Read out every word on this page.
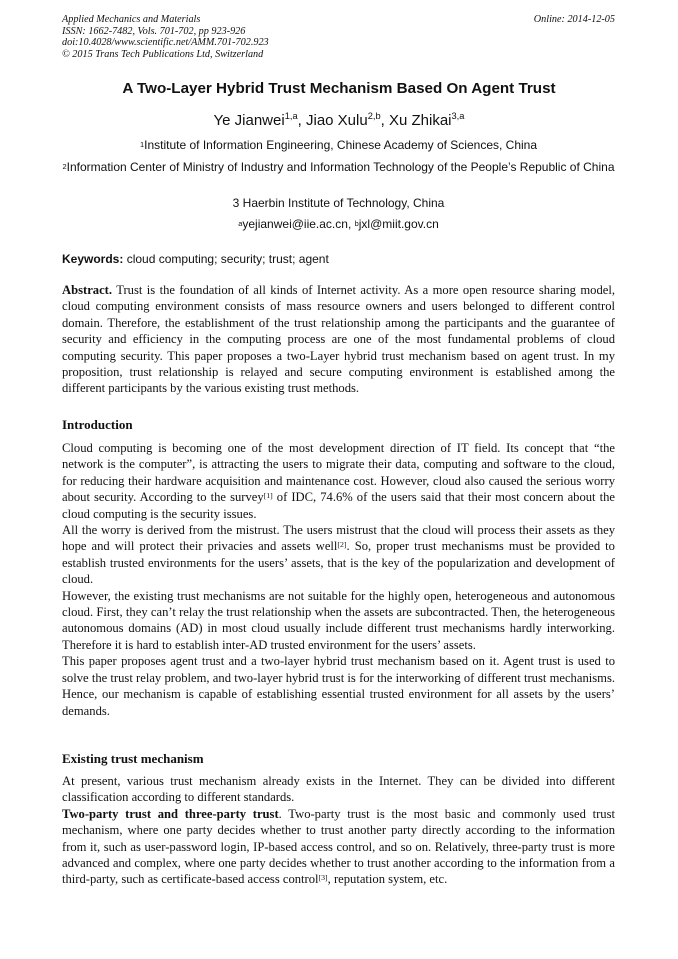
Applied Mechanics and Materials
ISSN: 1662-7482, Vols. 701-702, pp 923-926
doi:10.4028/www.scientific.net/AMM.701-702.923
© 2015 Trans Tech Publications Ltd, Switzerland
Online: 2014-12-05
A Two-Layer Hybrid Trust Mechanism Based On Agent Trust
Ye Jianwei$^{1,a}$, Jiao Xulu$^{2,b}$, Xu Zhikai$^{3,a}$
$^1$Institute of Information Engineering, Chinese Academy of Sciences, China
$^2$Information Center of Ministry of Industry and Information Technology of the People’s Republic of China
3 Haerbin Institute of Technology, China
$^a$yejianwei@iie.ac.cn, $^b$jxl@miit.gov.cn
Keywords: cloud computing; security; trust; agent

Abstract. Trust is the foundation of all kinds of Internet activity. As a more open resource sharing model, cloud computing environment consists of mass resource owners and users belonged to different control domain. Therefore, the establishment of the trust relationship among the participants and the guarantee of security and efficiency in the computing process are one of the most fundamental problems of cloud computing security. This paper proposes a two-Layer hybrid trust mechanism based on agent trust. In my proposition, trust relationship is relayed and secure computing environment is established among the different participants by the various existing trust methods.

Introduction

Cloud computing is becoming one of the most development direction of IT field. Its concept that “the network is the computer”, is attracting the users to migrate their data, computing and software to the cloud, for reducing their hardware acquisition and maintenance cost. However, cloud also caused the serious worry about security. According to the survey[1] of IDC, 74.6% of the users said that their most concern about the cloud computing is the security issues.

All the worry is derived from the mistrust. The users mistrust that the cloud will process their assets as they hope and will protect their privacies and assets well[2]. So, proper trust mechanisms must be provided to establish trusted environments for the users’ assets, that is the key of the popularization and development of cloud.

However, the existing trust mechanisms are not suitable for the highly open, heterogeneous and autonomous cloud. First, they can’t relay the trust relationship when the assets are subcontracted. Then, the heterogeneous autonomous domains (AD) in most cloud usually include different trust mechanisms hardly interworking. Therefore it is hard to establish inter-AD trusted environment for the users’ assets.

This paper proposes agent trust and a two-layer hybrid trust mechanism based on it. Agent trust is used to solve the trust relay problem, and two-layer hybrid trust is for the interworking of different trust mechanisms. Hence, our mechanism is capable of establishing essential trusted environment for all assets by the users’ demands.

Existing trust mechanism

At present, various trust mechanism already exists in the Internet. They can be divided into different classification according to different standards.

Two-party trust and three-party trust. Two-party trust is the most basic and commonly used trust mechanism, where one party decides whether to trust another party directly according to the information from it, such as user-password login, IP-based access control, and so on. Relatively, three-party trust is more advanced and complex, where one party decides whether to trust another according to the information from a third-party, such as certificate-based access control[3], reputation system, etc.
